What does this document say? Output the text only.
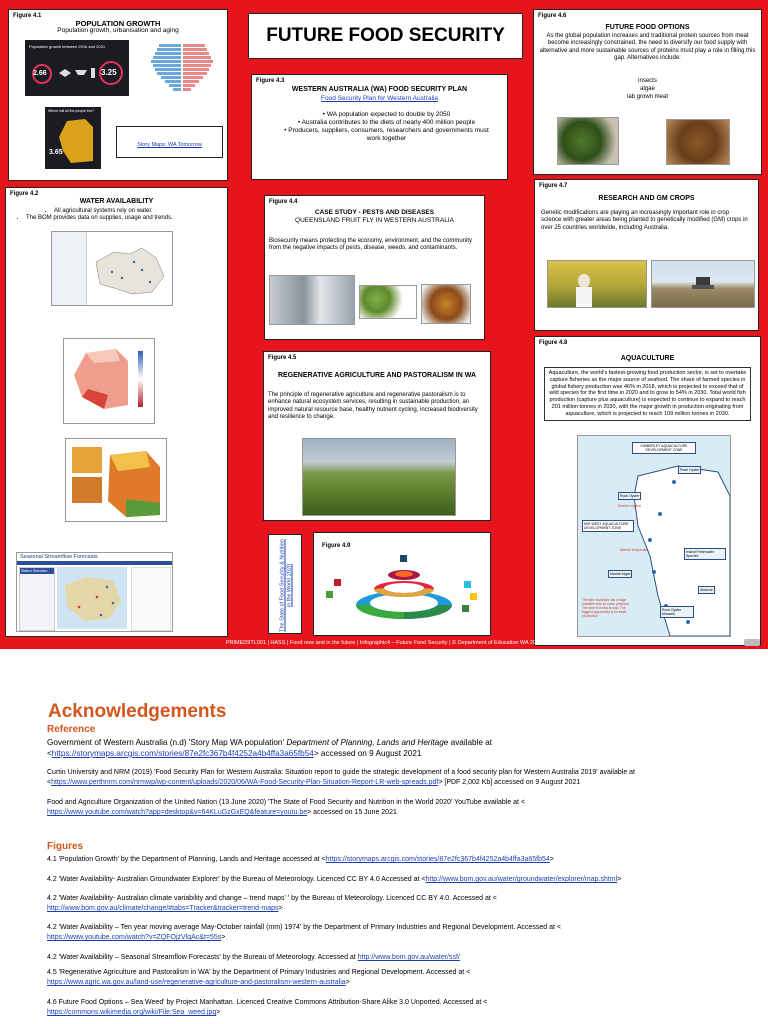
Figure 4.1
POPULATION GROWTH
Population growth, urbanisation and aging
Population growth between 2016 and 2021
2.66	3.25
Where will all the people live?
3.65
Story Maps: WA Tomorrow
FUTURE FOOD SECURITY
Figure 4.6
FUTURE FOOD OPTIONS
As the global population increases and traditional protein sources from meat become increasingly constrained, the need to diversify our food supply with alternative and more sustainable sources of proteins must play a role in filling this gap. Alternatives include:
insects
algae
lab grown meat
Figure 4.3
WESTERN AUSTRALIA (WA) FOOD SECURITY PLAN
Food Security Plan for Western Australia
• WA population expected to double by 2050
• Australia contributes to the diets of nearly 400 million people
• Producers, suppliers, consumers, researchers and governments must work together
Figure 4.2
WATER AVAILABILITY
• All agricultural systems rely on water.
• The BOM provides data on supplies, usage and trends.
Seasonal Streamflow Forecasts
Station Selection
Figure 4.4
CASE STUDY - PESTS AND DISEASES
QUEENSLAND FRUIT FLY IN WESTERN AUSTRALIA
Biosecurity means protecting the economy, environment, and the community from the negative impacts of pests, disease, weeds, and contaminants.
Figure 4.7
RESEARCH AND GM CROPS
Genetic modifications are playing an increasingly important role in crop science with greater areas being planted to genetically modified (GM) crops in over 25 countries worldwide, including Australia.
Figure 4.5
REGENERATIVE AGRICULTURE AND PASTORALISM IN WA
The principle of regenerative agriculture and regenerative pastoralism is to enhance natural ecosystem services, resulting in sustainable production, an improved natural resource base, healthy nutrient cycling, increased biodiversity and resilience to change.
Figure 4.8
AQUACULTURE
Aquaculture, the world's fastest-growing food production sector, is set to overtake capture fisheries as the major source of seafood. The share of farmed species in global fishery production was 46% in 2018, which is projected to exceed that of wild species for the first time in 2020 and to grow to 54% in 2030. Total world fish production (capture plus aquaculture) is expected to continue to expand to reach 201 million tonnes in 2030, with the major growth in production originating from aquaculture, which is projected to reach 109 million tonnes in 2030.
KIMBERLEY AQUACULTURE DEVELOPMENT ZONE
MID WEST AQUACULTURE DEVELOPMENT ZONE
Pearl Oyster
Rock Oyster
Marine tropical
Marine temperate	Inland Freshwater Species
Marine Algae
Abalone
Rock Oyster Mussels
"Western Australia has a huge coastline with so much potential. The time to invest is now. The biggest opportunity is for scale production."
The State of Food Security & Nutrition in the World 2020
Figure 4.9
PRIMED9TL001 | HASS | Food now and in the future | Infographic4 – Future Food Security | © Department of Education WA 2021
Acknowledgements
Reference
Government of Western Australia (n.d) 'Story Map WA population' Department of Planning, Lands and Heritage available at
<https://storymaps.arcgis.com/stories/87e2fc367b4f4252a4b4ffa3a65fb54> accessed on 9 August 2021
Curtin University and NRM (2019) 'Food Security Plan for Western Australia: Situation report to guide the strategic development of a food security plan for Western Australia 2019' available at
<https://www.perthnrm.com/nrmwp/wp-content/uploads/2020/06/WA-Food-Security-Plan-Situation-Report-LR-web-spreads.pdf> [PDF 2,002 Kb] accessed on 9 August 2021
Food and Agriculture Organization of the United Nation (13 June 2020) 'The State of Food Security and Nutrition in the World 2020' YouTube available at <
https://www.youtube.com/watch?app=desktop&v=64KLuGzGxEQ&feature=youtu.be> accessed on 15 June 2021
Figures
4.1 'Population Growth' by the Department of Planning, Lands and Heritage accessed at <https://storymaps.arcgis.com/stories/87e2fc367b4f4252a4b4ffa3a65fb54>
4.2 'Water Availability- Australian Groundwater Explorer' by the Bureau of Meteorology. Licenced CC BY 4.0 Accessed at <http://www.bom.gov.au/water/groundwater/explorer/map.shtml>
4.2 'Water Availability- Australian climate variability and change – trend maps' ' by the Bureau of Meteorology. Licenced CC BY 4.0. Accessed at <
http://www.bom.gov.au/climate/change/#tabs=Tracker&tracker=trend-maps>
4.2 'Water Availability – Ten year moving average May-October rainfall (mm) 1974' by the Department of Primary Industries and Regional Development. Accessed at <
https://www.youtube.com/watch?v=ZQFOjzVlqAc&t=55s>
4.2 'Water Availability – Seasonal Streamflow Forecasts' by the Bureau of Meteorology. Accessed at http://www.bom.gov.au/water/ssf/
4.5 'Regenerative Agriculture and Pastoralism in WA' by the Department of Primary Industries and Regional Development. Accessed at <
https://www.agric.wa.gov.au/land-use/regenerative-agriculture-and-pastoralism-western-australia>
4.6 Future Food Options – Sea Weed' by Project Manhattan. Licenced Creative Commons Attribution-Share Alike 3.0 Unported. Accessed at <
https://commons.wikimedia.org/wiki/File:Sea_weed.jpg>
